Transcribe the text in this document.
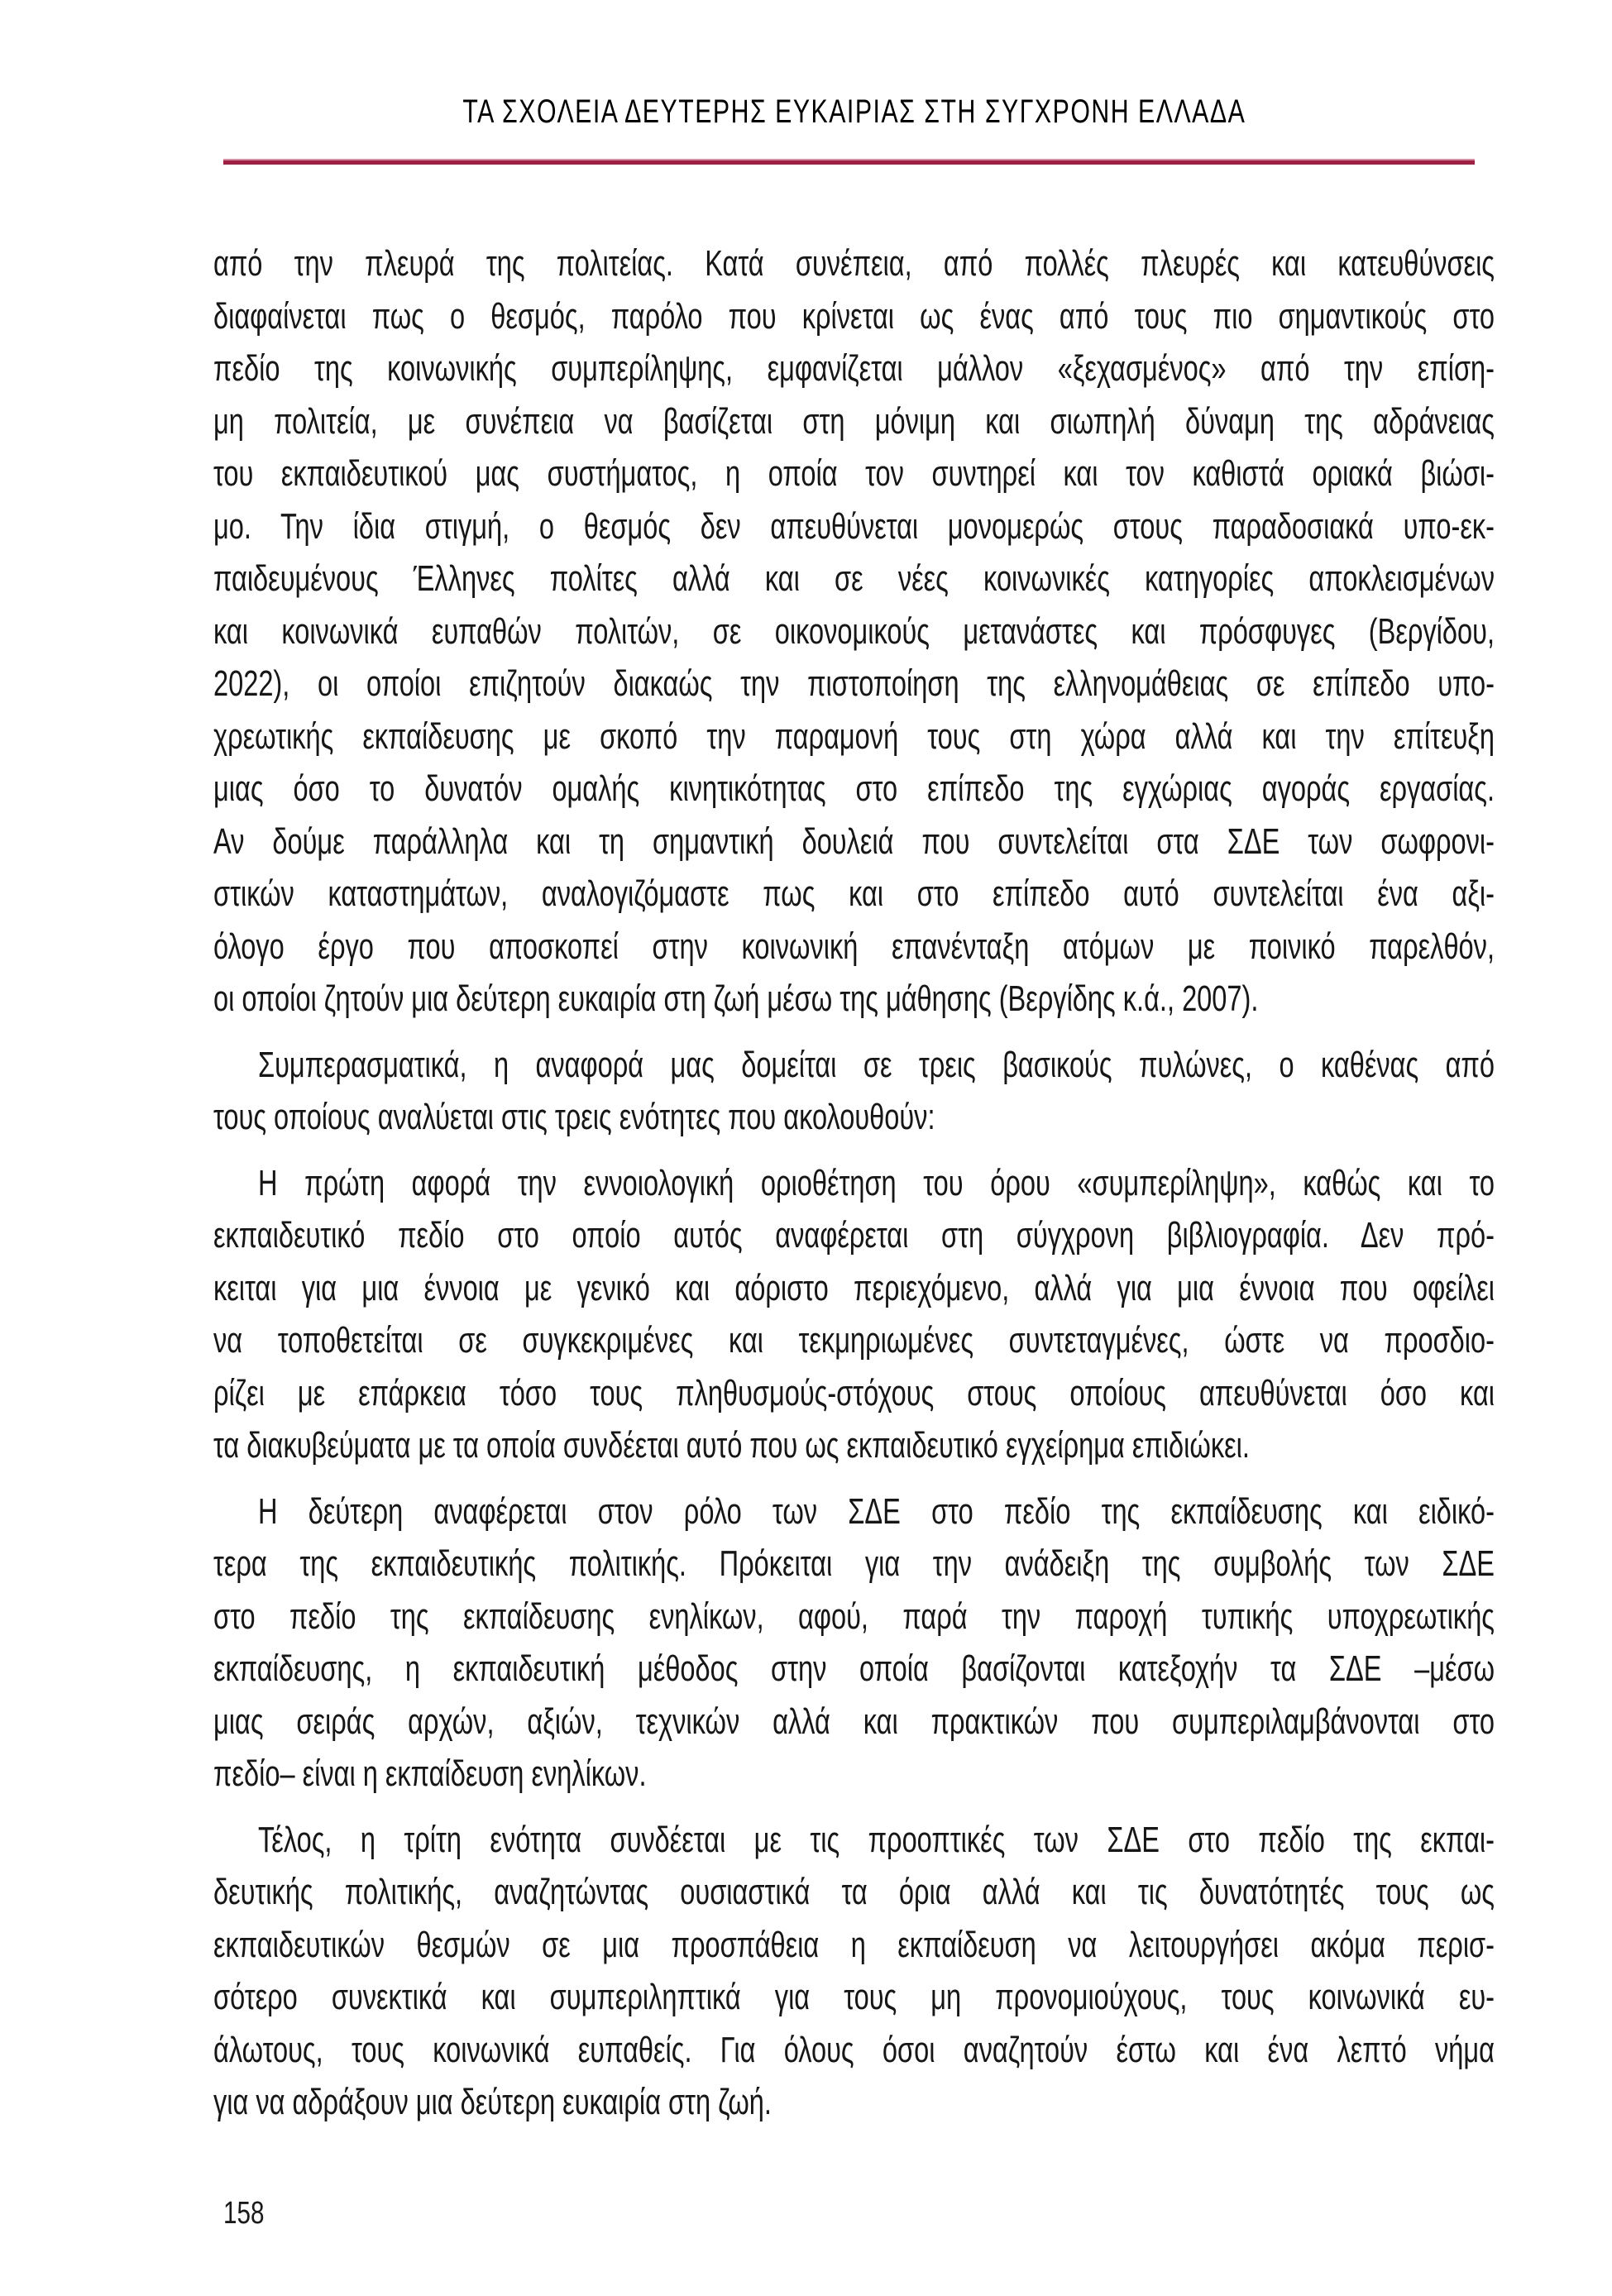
ΤΑ ΣΧΟΛΕΙΑ ΔΕΥΤΕΡΗΣ ΕΥΚΑΙΡΙΑΣ ΣΤΗ ΣΥΓΧΡΟΝΗ ΕΛΛΑΔΑ
από την πλευρά της πολιτείας. Κατά συνέπεια, από πολλές πλευρές και κατευθύνσεις
διαφαίνεται πως ο θεσμός, παρόλο που κρίνεται ως ένας από τους πιο σημαντικούς στο
πεδίο της κοινωνικής συμπερίληψης, εμφανίζεται μάλλον «ξεχασμένος» από την επίση-
μη πολιτεία, με συνέπεια να βασίζεται στη μόνιμη και σιωπηλή δύναμη της αδράνειας
του εκπαιδευτικού μας συστήματος, η οποία τον συντηρεί και τον καθιστά οριακά βιώσι-
μο. Την ίδια στιγμή, ο θεσμός δεν απευθύνεται μονομερώς στους παραδοσιακά υπο-εκ-
παιδευμένους Έλληνες πολίτες αλλά και σε νέες κοινωνικές κατηγορίες αποκλεισμένων
και κοινωνικά ευπαθών πολιτών, σε οικονομικούς μετανάστες και πρόσφυγες (Βεργίδου,
2022), οι οποίοι επιζητούν διακαώς την πιστοποίηση της ελληνομάθειας σε επίπεδο υπο-
χρεωτικής εκπαίδευσης με σκοπό την παραμονή τους στη χώρα αλλά και την επίτευξη
μιας όσο το δυνατόν ομαλής κινητικότητας στο επίπεδο της εγχώριας αγοράς εργασίας.
Αν δούμε παράλληλα και τη σημαντική δουλειά που συντελείται στα ΣΔΕ των σωφρονι-
στικών καταστημάτων, αναλογιζόμαστε πως και στο επίπεδο αυτό συντελείται ένα αξι-
όλογο έργο που αποσκοπεί στην κοινωνική επανένταξη ατόμων με ποινικό παρελθόν,
οι οποίοι ζητούν μια δεύτερη ευκαιρία στη ζωή μέσω της μάθησης (Βεργίδης κ.ά., 2007).
Συμπερασματικά, η αναφορά μας δομείται σε τρεις βασικούς πυλώνες, ο καθένας από
τους οποίους αναλύεται στις τρεις ενότητες που ακολουθούν:
Η πρώτη αφορά την εννοιολογική οριοθέτηση του όρου «συμπερίληψη», καθώς και το
εκπαιδευτικό πεδίο στο οποίο αυτός αναφέρεται στη σύγχρονη βιβλιογραφία. Δεν πρό-
κειται για μια έννοια με γενικό και αόριστο περιεχόμενο, αλλά για μια έννοια που οφείλει
να τοποθετείται σε συγκεκριμένες και τεκμηριωμένες συντεταγμένες, ώστε να προσδιο-
ρίζει με επάρκεια τόσο τους πληθυσμούς-στόχους στους οποίους απευθύνεται όσο και
τα διακυβεύματα με τα οποία συνδέεται αυτό που ως εκπαιδευτικό εγχείρημα επιδιώκει.
Η δεύτερη αναφέρεται στον ρόλο των ΣΔΕ στο πεδίο της εκπαίδευσης και ειδικό-
τερα της εκπαιδευτικής πολιτικής. Πρόκειται για την ανάδειξη της συμβολής των ΣΔΕ
στο πεδίο της εκπαίδευσης ενηλίκων, αφού, παρά την παροχή τυπικής υποχρεωτικής
εκπαίδευσης, η εκπαιδευτική μέθοδος στην οποία βασίζονται κατεξοχήν τα ΣΔΕ –μέσω
μιας σειράς αρχών, αξιών, τεχνικών αλλά και πρακτικών που συμπεριλαμβάνονται στο
πεδίο– είναι η εκπαίδευση ενηλίκων.
Τέλος, η τρίτη ενότητα συνδέεται με τις προοπτικές των ΣΔΕ στο πεδίο της εκπαι-
δευτικής πολιτικής, αναζητώντας ουσιαστικά τα όρια αλλά και τις δυνατότητές τους ως
εκπαιδευτικών θεσμών σε μια προσπάθεια η εκπαίδευση να λειτουργήσει ακόμα περισ-
σότερο συνεκτικά και συμπεριληπτικά για τους μη προνομιούχους, τους κοινωνικά ευ-
άλωτους, τους κοινωνικά ευπαθείς. Για όλους όσοι αναζητούν έστω και ένα λεπτό νήμα
για να αδράξουν μια δεύτερη ευκαιρία στη ζωή.
158
